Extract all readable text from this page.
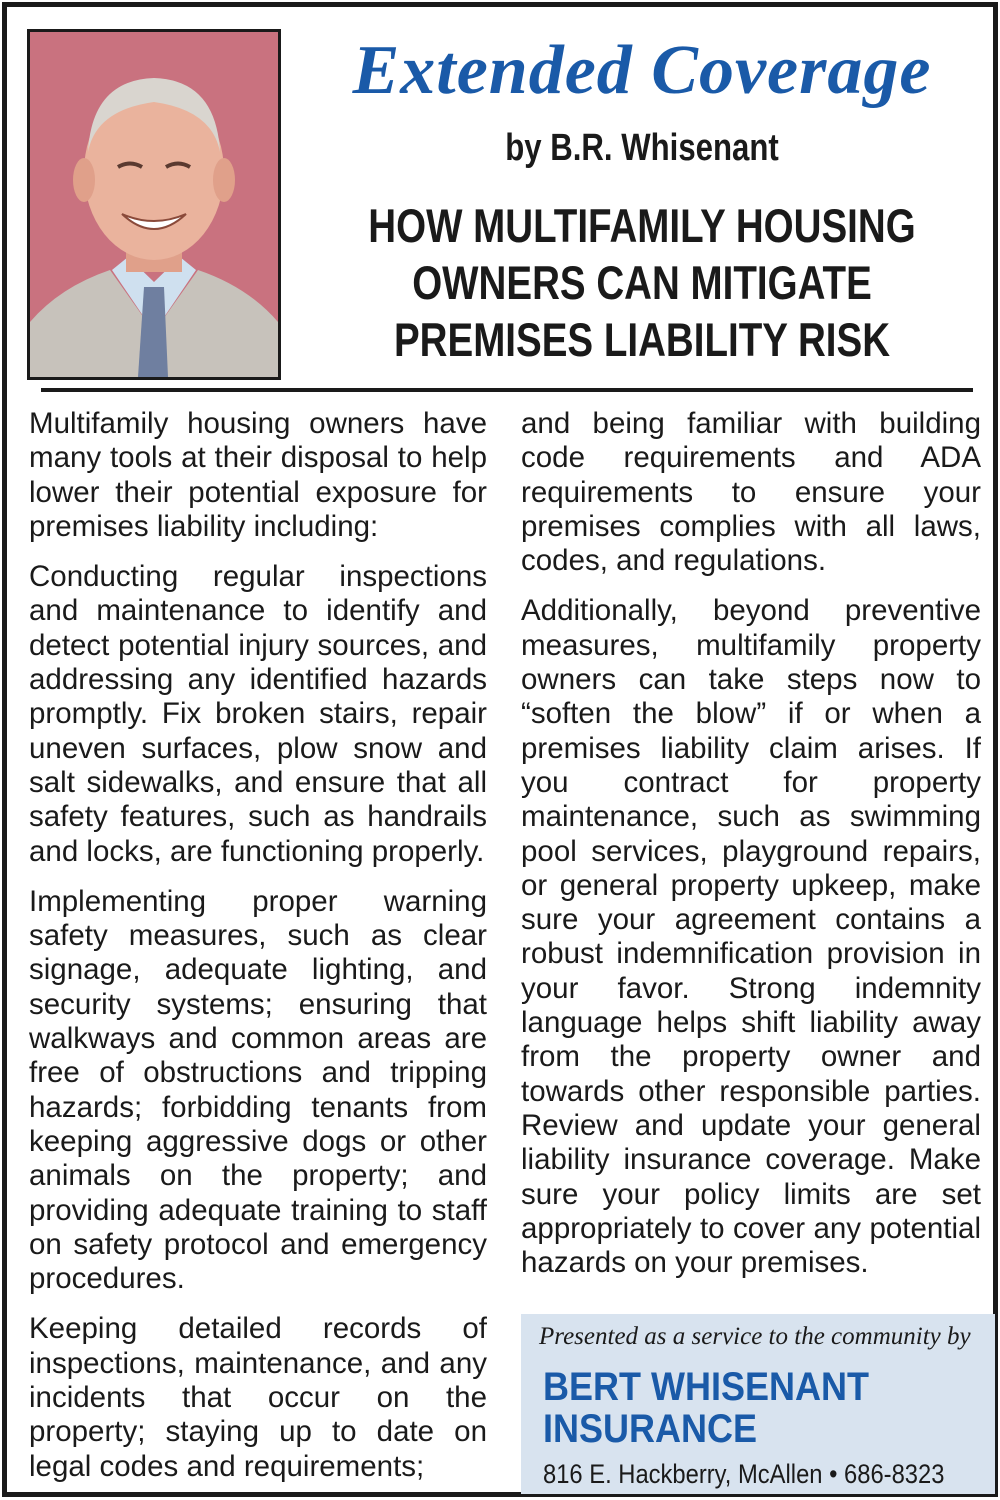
Extended Coverage
by B.R. Whisenant
HOW MULTIFAMILY HOUSING
OWNERS CAN MITIGATE
PREMISES LIABILITY RISK

Multifamily housing owners have many tools at their disposal to help lower their potential exposure for premises liability including:

Conducting regular inspections and maintenance to identify and detect potential injury sources, and addressing any identified hazards promptly. Fix broken stairs, repair uneven surfaces, plow snow and salt sidewalks, and ensure that all safety features, such as handrails and locks, are functioning properly.

Implementing proper warning safety measures, such as clear signage, adequate lighting, and security systems; ensuring that walkways and common areas are free of obstructions and tripping hazards; forbidding tenants from keeping aggressive dogs or other animals on the property; and providing adequate training to staff on safety protocol and emergency procedures.

Keeping detailed records of inspections, maintenance, and any incidents that occur on the property; staying up to date on legal codes and requirements;

and being familiar with building code requirements and ADA requirements to ensure your premises complies with all laws, codes, and regulations.

Additionally, beyond preventive measures, multifamily property owners can take steps now to “soften the blow” if or when a premises liability claim arises. If you contract for property maintenance, such as swimming pool services, playground repairs, or general property upkeep, make sure your agreement contains a robust indemnification provision in your favor. Strong indemnity language helps shift liability away from the property owner and towards other responsible parties. Review and update your general liability insurance coverage. Make sure your policy limits are set appropriately to cover any potential hazards on your premises.

Presented as a service to the community by
BERT WHISENANT
INSURANCE
816 E. Hackberry, McAllen • 686-8323
